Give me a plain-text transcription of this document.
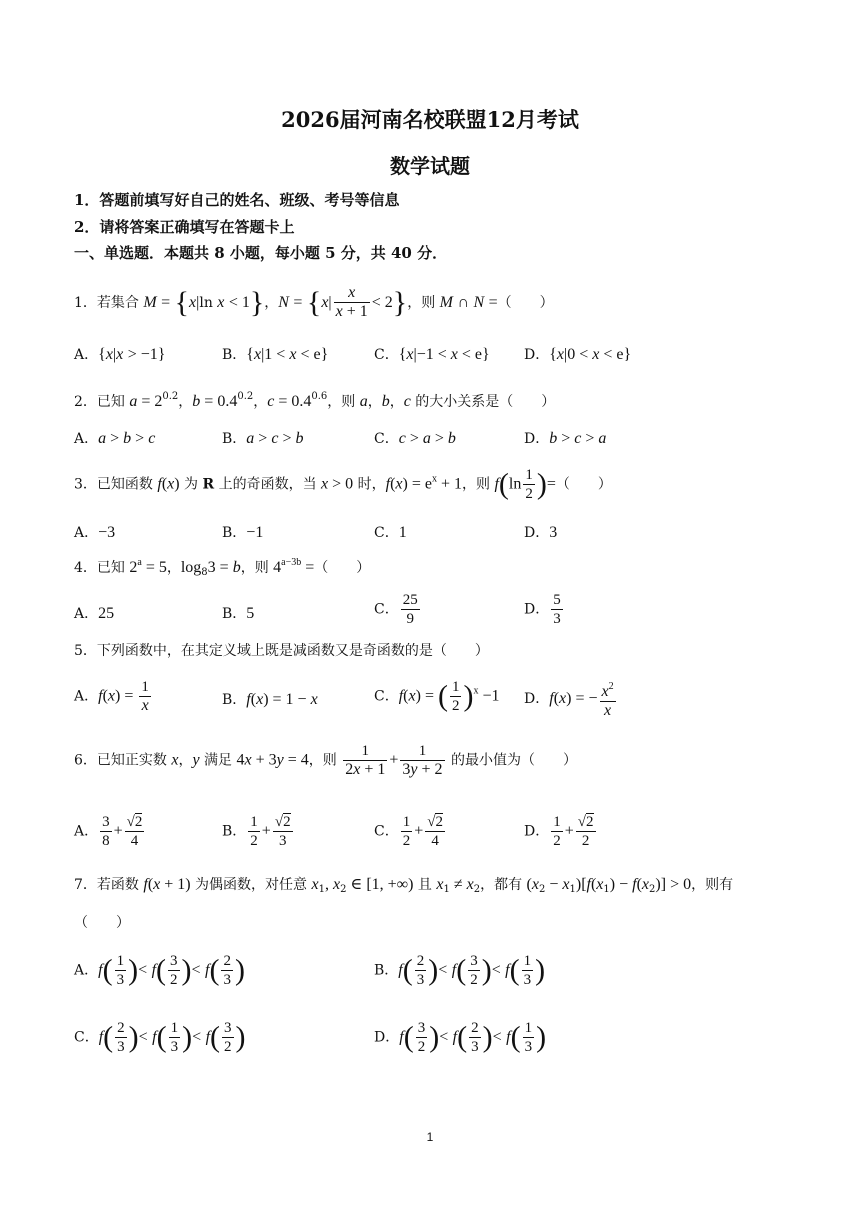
2026届河南名校联盟12月考试
数学试题
1．答题前填写好自己的姓名、班级、考号等信息
2．请将答案正确填写在答题卡上
一、单选题．本题共 8 小题，每小题 5 分，共 40 分．
1．若集合 M = {x|ln x < 1}，$N = \{x| \frac{x}{x + 1} < 2\}$，则 M ∩ N =（　　）
A．{x|x > −1}	B．{x|1 < x < e}	C．{x|−1 < x < e} D．{x|0 < x < e}
2．已知 $a = 2^{0.2}$，$b = 0.4^{0.2}$，$c = 0.4^{0.6}$，则 a，b，c 的大小关系是（　　）
A．a > b > c	B．a > c > b	C．c > a > b	D．b > c > a
3．已知函数 f(x) 为 R 上的奇函数，当 x > 0 时，$f(x) = e^x + 1$，则 $f(\ln \frac{1}{2}$ )=（　　）
A．−3	B．−1	C．1	D．3
4．已知 $2^a = 5$，$\log_83 = b$，则 $4^{a-3b}$ =（　　）
A．25	B．5	C． $\frac{25}{9}$	D． $\frac{5}{3}$
5．下列函数中，在其定义域上既是减函数又是奇函数的是（　　）
A．$f(x) = \frac{1}{x}$	B．f(x) = 1 − x	C．f(x) = ( $\frac{1}{2} )^x -1$ D．f(x) = − $\frac{x^2}{x}$
6．已知正实数 x，y 满足 4x + 3y = 4，则 $\frac{1}{2x + 1} + \frac{1}{3y + 2}$ 的最小值为（　　）
A． $\frac{3}{8} + \frac{√2}{4}$	B． $\frac{1}{2} + \frac{√2}{3}$	C． $\frac{1}{2} + \frac{√2}{4}$	D． $\frac{1}{2} + \frac{√2}{2}$
7．若函数 f(x + 1) 为偶函数，对任意 $x_1$, $x_2$ ∈ [1, +∞) 且 $x_1 \ne x_2$，都有 $(x_2 - x_1)[f(x_1) - f(x_2)] > 0$，则有
（　　）
A．$f( \frac{1}{3}$ )< $f( \frac{3}{2}$ )< $f( \frac{2}{3}$ )	B．$f( \frac{2}{3}$ )< $f( \frac{3}{2}$ )< $f( \frac{1}{3}$ )
C．$f( \frac{2}{3}$ )< $f( \frac{1}{3}$ )< $f( \frac{3}{2}$ )	D．$f( \frac{3}{2}$ )< $f( \frac{2}{3}$ )< $f( \frac{1}{3}$ )
1
